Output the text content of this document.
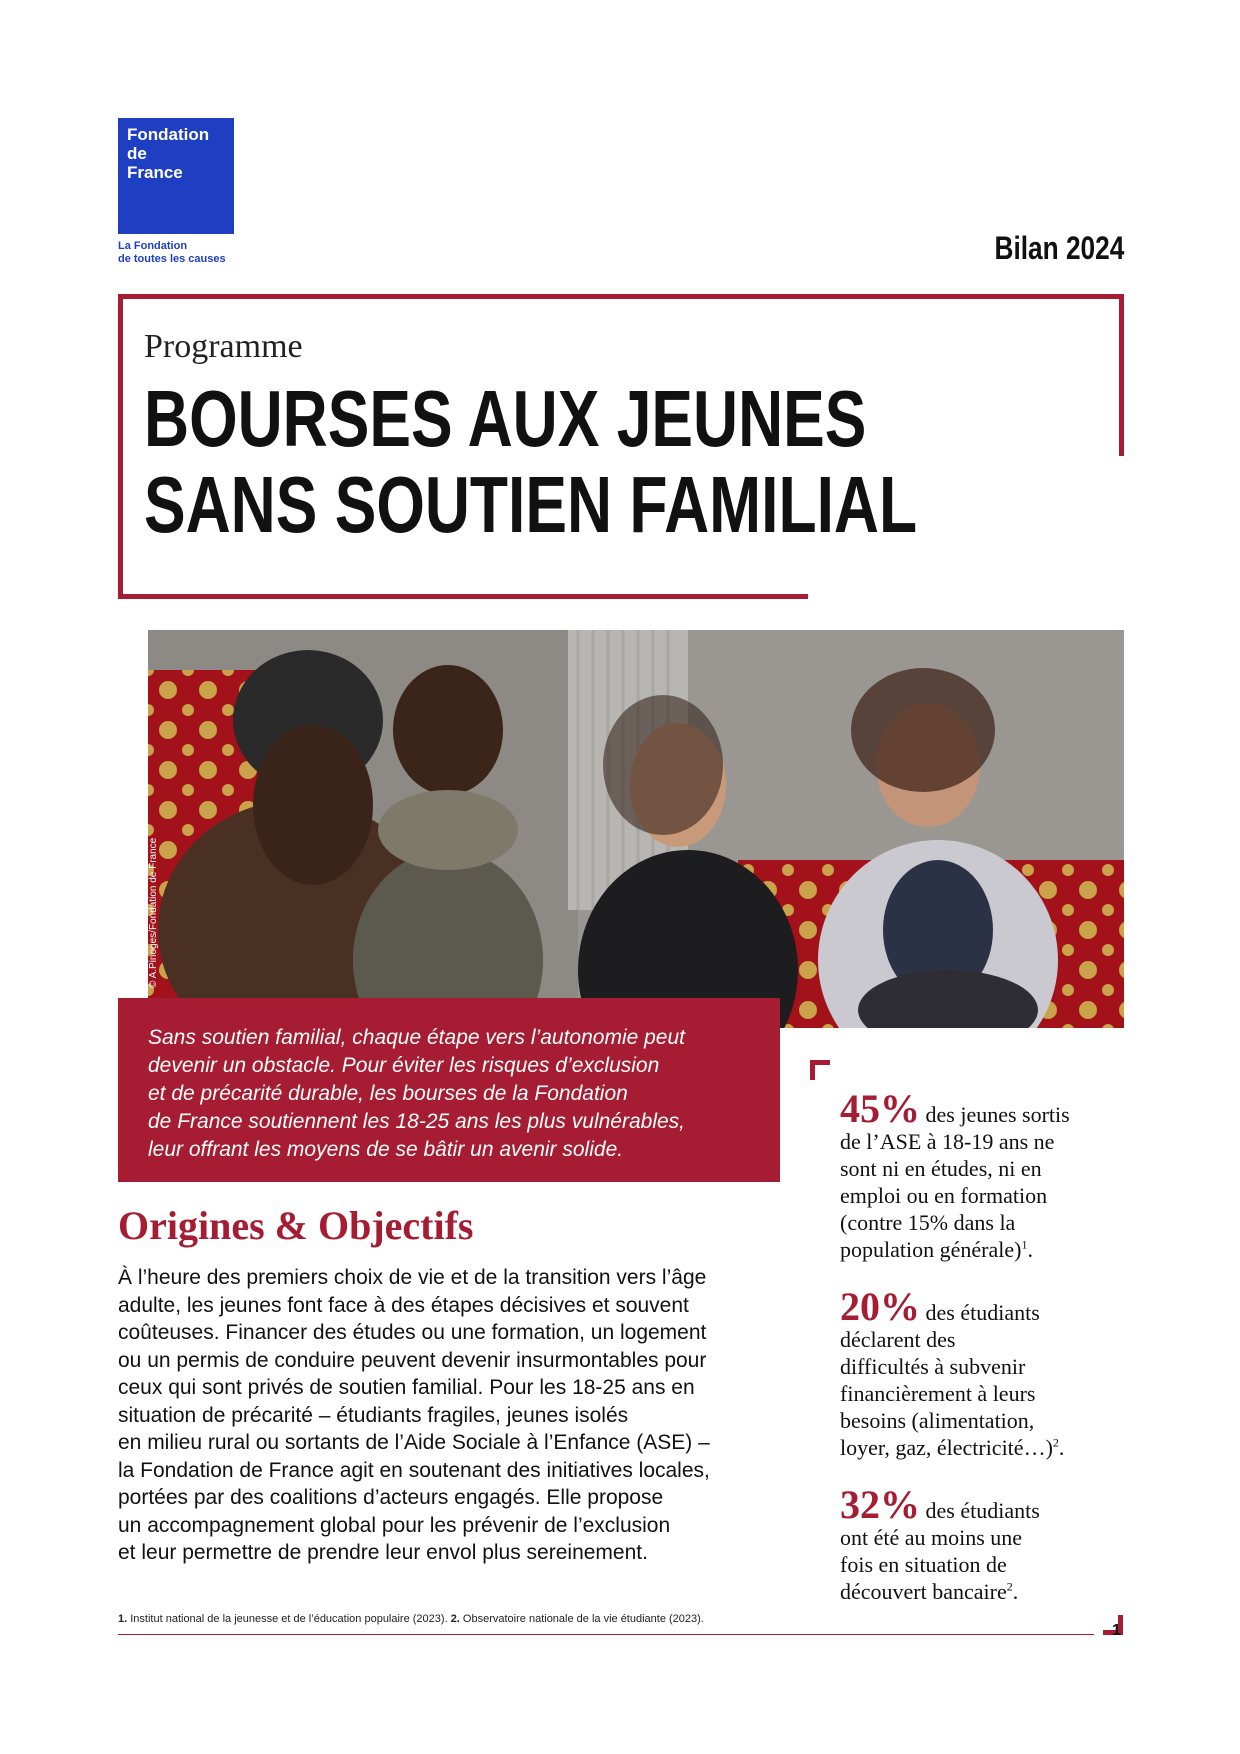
Fondation
de
France
La Fondation
de toutes les causes	Bilan 2024
Programme
BOURSES AUX JEUNES
SANS SOUTIEN FAMILIAL
© A.Pinoges/Fondation de France
Sans soutien familial, chaque étape vers l’autonomie peut
devenir un obstacle. Pour éviter les risques d’exclusion
et de précarité durable, les bourses de la Fondation
de France soutiennent les 18-25 ans les plus vulnérables,
leur offrant les moyens de se bâtir un avenir solide.
Origines & Objectifs
À l’heure des premiers choix de vie et de la transition vers l’âge
adulte, les jeunes font face à des étapes décisives et souvent
coûteuses. Financer des études ou une formation, un logement
ou un permis de conduire peuvent devenir insurmontables pour
ceux qui sont privés de soutien familial. Pour les 18-25 ans en
situation de précarité – étudiants fragiles, jeunes isolés
en milieu rural ou sortants de l’Aide Sociale à l’Enfance (ASE) –
la Fondation de France agit en soutenant des initiatives locales,
portées par des coalitions d’acteurs engagés. Elle propose
un accompagnement global pour les prévenir de l’exclusion
et leur permettre de prendre leur envol plus sereinement.
45% des jeunes sortis
de l’ASE à 18-19 ans ne
sont ni en études, ni en
emploi ou en formation
(contre 15% dans la
population générale)$^1$.
20% des étudiants
déclarent des
difficultés à subvenir
financièrement à leurs
besoins (alimentation,
loyer, gaz, électricité…)$^2$.
32% des étudiants
ont été au moins une
fois en situation de
découvert bancaire$^2$.
1. Institut national de la jeunesse et de l’éducation populaire (2023). 2. Observatoire nationale de la vie étudiante (2023).
1
